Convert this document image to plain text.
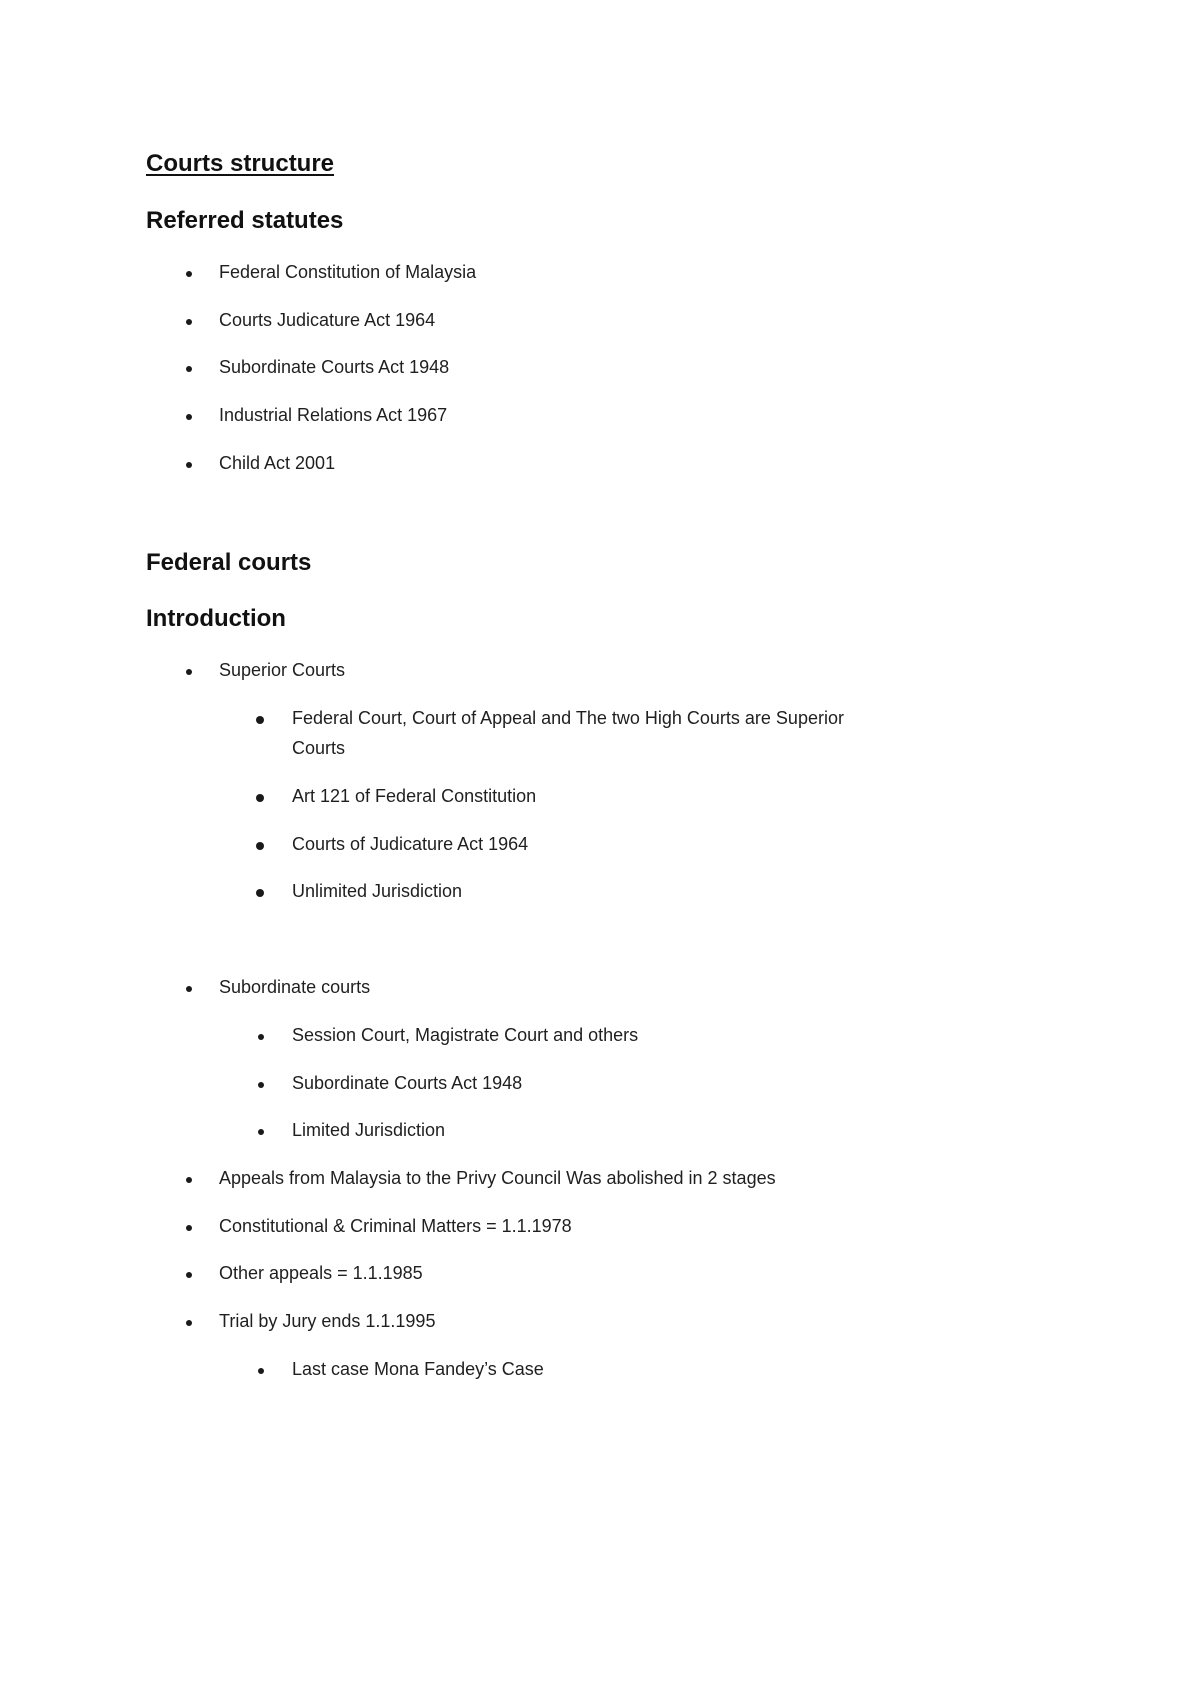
Courts structure
Referred statutes
Federal Constitution of Malaysia
Courts Judicature Act 1964
Subordinate Courts Act 1948
Industrial Relations Act 1967
Child Act 2001
Federal courts
Introduction
Superior Courts
Federal Court, Court of Appeal and The two High Courts are Superior
Courts
Art 121 of Federal Constitution
Courts of Judicature Act 1964
Unlimited Jurisdiction
Subordinate courts
Session Court, Magistrate Court and others
Subordinate Courts Act 1948
Limited Jurisdiction
Appeals from Malaysia to the Privy Council Was abolished in 2 stages
Constitutional & Criminal Matters = 1.1.1978
Other appeals = 1.1.1985
Trial by Jury ends 1.1.1995
Last case Mona Fandey’s Case
